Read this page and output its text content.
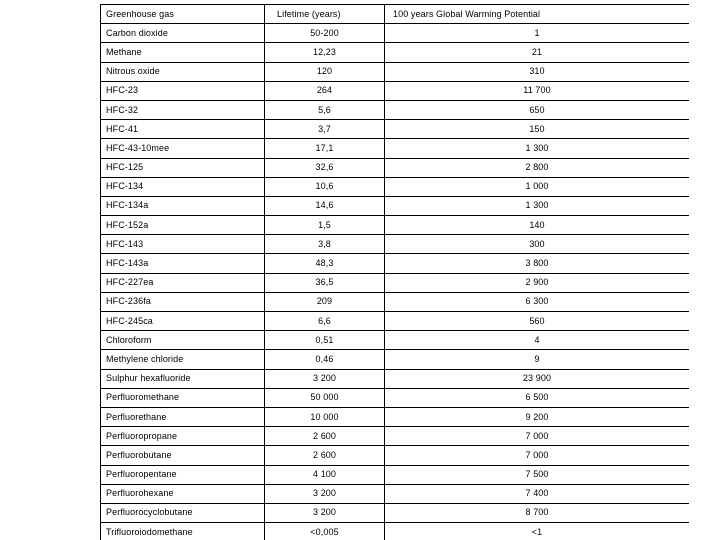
Greenhouse gas	Lifetime (years)	100 years Global Warming Potential
Carbon dioxide	50-200	1
Methane	12,23	21
Nitrous oxide	120	310
HFC-23	264	11 700
HFC-32	5,6	650
HFC-41	3,7	150
HFC-43-10mee	17,1	1 300
HFC-125	32,6	2 800
HFC-134	10,6	1 000
HFC-134a	14,6	1 300
HFC-152a	1,5	140
HFC-143	3,8	300
HFC-143a	48,3	3 800
HFC-227ea	36,5	2 900
HFC-236fa	209	6 300
HFC-245ca	6,6	560
Chloroform	0,51	4
Methylene chloride	0,46	9
Sulphur hexafluoride	3 200	23 900
Perfluoromethane	50 000	6 500
Perfluorethane	10 000	9 200
Perfluoropropane	2 600	7 000
Perfluorobutane	2 600	7 000
Perfluoropentane	4 100	7 500
Perfluorohexane	3 200	7 400
Perfluorocyclobutane	3 200	8 700
Trifluoroiodomethane	<0,005	<1
